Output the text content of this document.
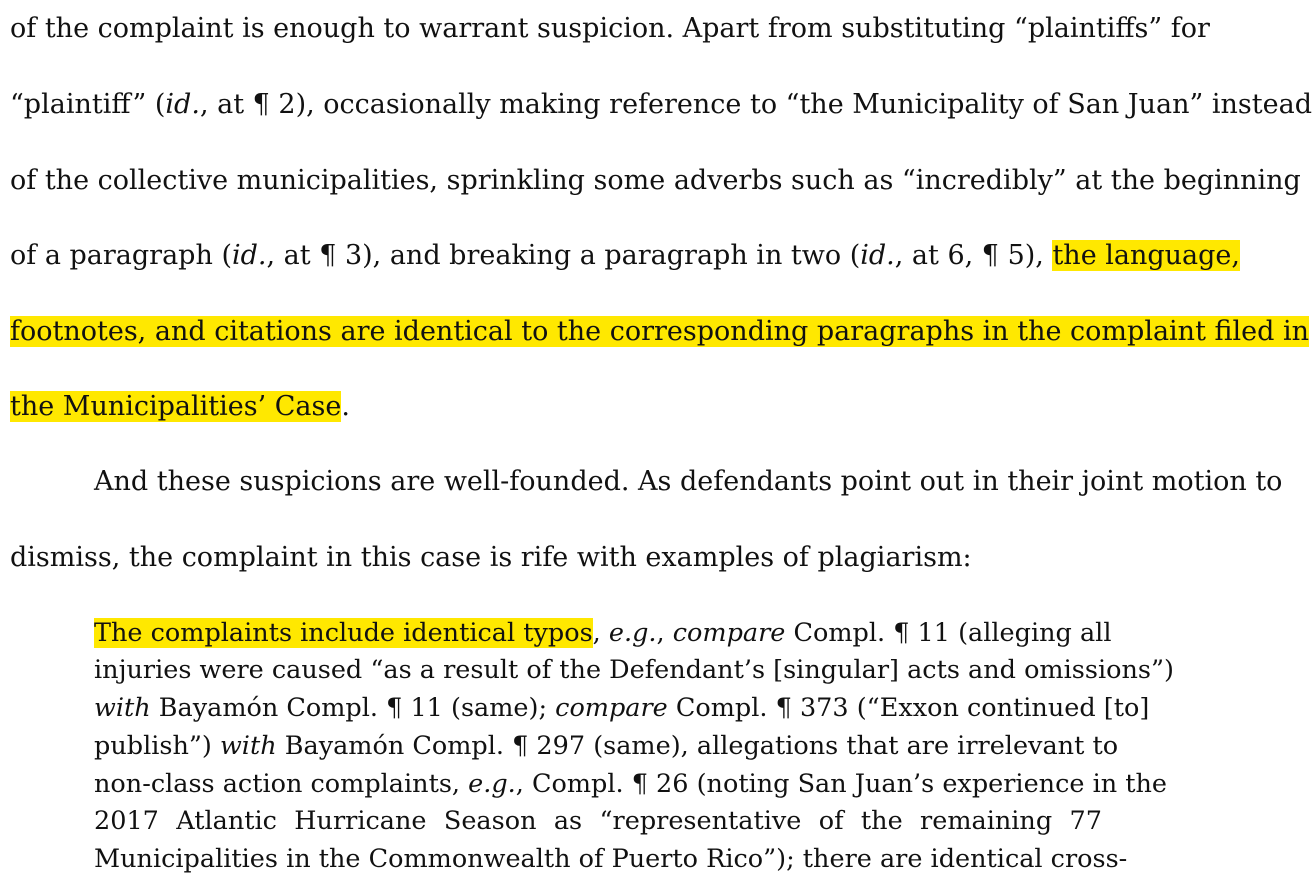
of the complaint is enough to warrant suspicion. Apart from substituting “plaintiffs” for
“plaintiff” (id., at ¶ 2), occasionally making reference to “the Municipality of San Juan” instead
of the collective municipalities, sprinkling some adverbs such as “incredibly” at the beginning
of a paragraph (id., at ¶ 3), and breaking a paragraph in two (id., at 6, ¶ 5), the language,
footnotes, and citations are identical to the corresponding paragraphs in the complaint filed in
the Municipalities’ Case.
And these suspicions are well-founded. As defendants point out in their joint motion to
dismiss, the complaint in this case is rife with examples of plagiarism:
The complaints include identical typos, e.g., compare Compl. ¶ 11 (alleging all
injuries were caused “as a result of the Defendant’s [singular] acts and omissions”)
with Bayamón Compl. ¶ 11 (same); compare Compl. ¶ 373 (“Exxon continued [to]
publish”) with Bayamón Compl. ¶ 297 (same), allegations that are irrelevant to
non-class action complaints, e.g., Compl. ¶ 26 (noting San Juan’s experience in the
2017 Atlantic Hurricane Season as “representative of the remaining 77
Municipalities in the Commonwealth of Puerto Rico”); there are identical cross-
